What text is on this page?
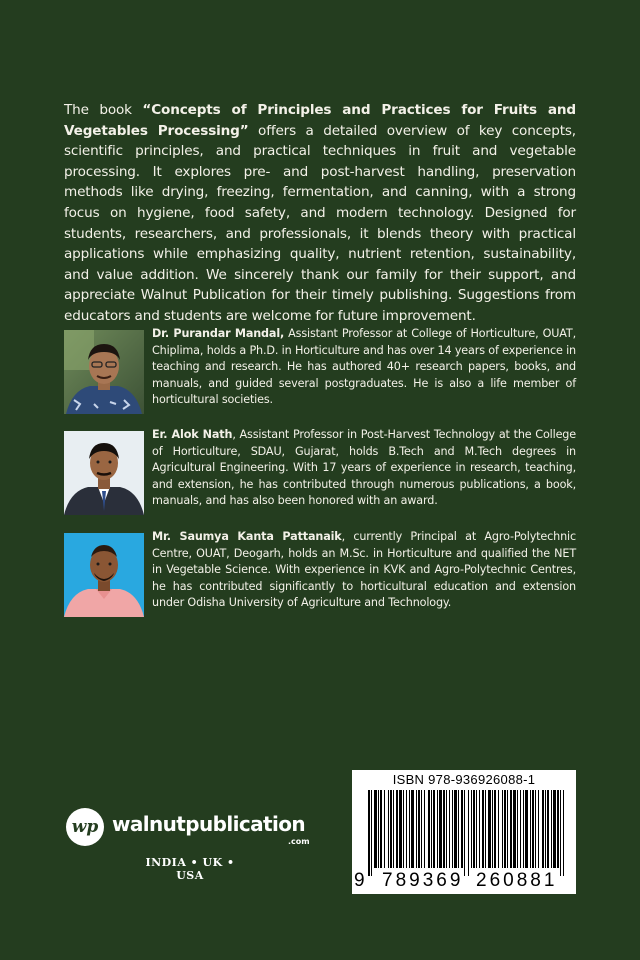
The book “Concepts of Principles and Practices for Fruits and Vegetables Processing” offers a detailed overview of key concepts, scientific principles, and practical techniques in fruit and vegetable processing. It explores pre- and post-harvest handling, preservation methods like drying, freezing, fermentation, and canning, with a strong focus on hygiene, food safety, and modern technology. Designed for students, researchers, and professionals, it blends theory with practical applications while emphasizing quality, nutrient retention, sustainability, and value addition. We sincerely thank our family for their support, and appreciate Walnut Publication for their timely publishing. Suggestions from educators and students are welcome for future improvement.
Dr. Purandar Mandal, Assistant Professor at College of Horticulture, OUAT, Chiplima, holds a Ph.D. in Horticulture and has over 14 years of experience in teaching and research. He has authored 40+ research papers, books, and manuals, and guided several postgraduates. He is also a life member of horticultural societies.
Er. Alok Nath, Assistant Professor in Post-Harvest Technology at the College of Horticulture, SDAU, Gujarat, holds B.Tech and M.Tech degrees in Agricultural Engineering. With 17 years of experience in research, teaching, and extension, he has contributed through numerous publications, a book, manuals, and has also been honored with an award.
Mr. Saumya Kanta Pattanaik, currently Principal at Agro-Polytechnic Centre, OUAT, Deogarh, holds an M.Sc. in Horticulture and qualified the NET in Vegetable Science. With experience in KVK and Agro-Polytechnic Centres, he has contributed significantly to horticultural education and extension under Odisha University of Agriculture and Technology.
wp walnutpublication
.com
INDIA • UK • USA
ISBN 978-936926088-1
9 789369 260881
